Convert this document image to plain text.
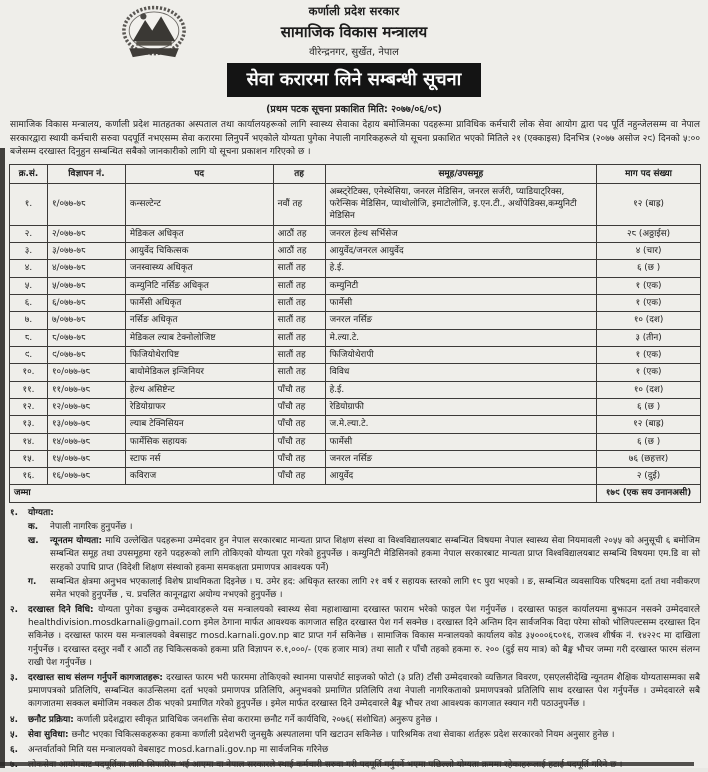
कर्णाली प्रदेश सरकार
सामाजिक विकास मन्त्रालय
वीरेन्द्रनगर, सुर्खेत, नेपाल
सेवा करारमा लिने सम्बन्धी सूचना
(प्रथम पटक सूचना प्रकाशित मिति: २०७७/०६/०८)

सामाजिक विकास मन्त्रालय, कर्णाली प्रदेश मातहतका अस्पताल तथा कार्यालयहरूको लागि स्वास्थ्य सेवाका देहाय बमोजिमका पदहरूमा प्राविधिक कर्मचारी लोक सेवा आयोग द्वारा पद पूर्ति नहुन्जेलसम्म वा नेपाल सरकारद्वारा स्थायी कर्मचारी सरुवा पदपूर्ति नभएसम्म सेवा करारमा लिनुपर्ने भएकोले योग्यता पुगेका नेपाली नागरिकहरूले यो सूचना प्रकाशित भएको मितिले २१ (एक्काइस) दिनभित्र (२०७७ असोज २९) दिनको ५:०० बजेसम्म दरखास्त दिनुहुन सम्बन्धित सबैको जानकारीको लागि यो सूचना प्रकाशन गरिएको छ ।

क्र.सं.	विज्ञापन नं.	पद	तह	समूह/उपसमूह	माग पद संख्या
१.	१/०७७-७८	कन्सल्टेन्ट	नवौं तह	अब्स्ट्रेटिक्स, एनेस्थेसिया, जनरल मेडिसिन, जनरल सर्जरी, प्याडियाट्रिक्स, फरेन्सिक मेडिसिन, प्याथोलोजि, इमाटोलोजि, इ.एन.टी., अर्थोपेडिक्स,कम्युनिटी मेडिसिन	१२ (बाह्र)
२.	२/०७७-७८	मेडिकल अधिकृत	आठौं तह	जनरल हेल्थ सर्भिसेज	२८ (अठ्ठाईस)
३.	३/०७७-७८	आयुर्वेद चिकित्सक	आठौं तह	आयुर्वेद/जनरल आयुर्वेद	४ (चार)
४.	४/०७७-७८	जनस्वास्थ्य अधिकृत	सातौं तह	हे.ई.	६ (छ )
५.	५/०७७-७८	कम्युनिटि नर्सिङ अधिकृत	सातौं तह	कम्युनिटी	१ (एक)
६.	६/०७७-७८	फार्मेसी अधिकृत	सातौं तह	फार्मेसी	१ (एक)
७.	७/०७७-७८	नर्सिङ अधिकृत	सातौं तह	जनरल नर्सिङ	१० (दश)
८.	८/०७७-७८	मेडिकल ल्याब टेक्नोलोजिष्ट	सातौं तह	मे.ल्या.टे.	३ (तीन)
९.	९/०७७-७८	फिजियोथेरापिष्ट	सातौं तह	फिजियोथेरापी	१ (एक)
१०.	१०/०७७-७८	बायोमेडिकल इन्जिनियर	सातौ तह	विविध	१ (एक)
११.	११/०७७-७८	हेल्थ असिष्टेन्ट	पाँचौ तह	हे.ई.	१० (दश)
१२.	१२/०७७-७८	रेडियोग्राफर	पाँचौ तह	रेडियोग्राफी	६ (छ )
१३.	१३/०७७-७८	ल्याब टेक्निसियन	पाँचौ तह	ज.मे.ल्या.टे.	१२ (बाह्र)
१४.	१४/०७७-७८	फार्मेसिक सहायक	पाँचौ तह	फार्मेसी	६ (छ )
१५.	१५/०७७-७८	स्टाफ नर्स	पाँचौ तह	जनरल नर्सिङ	७६ (छहत्तर)
१६.	१६/०७७-७८	कविराज	पाँचौ तह	आयुर्वेद	२ (दुई)
जम्मा					१७९ (एक सय उनानअसी)
१.	योग्यता:
क.	नेपाली नागरिक हुनुपर्नेछ ।
ख.	न्यूनतम योग्यता: माथि उल्लेखित पदहरूमा उम्मेदवार हुन नेपाल सरकारबाट मान्यता प्राप्त शिक्षण संस्था वा विश्वविद्यालयबाट सम्बन्धित विषयमा नेपाल स्वास्थ्य सेवा नियमावली २०५५ को अनुसूची ६ बमोजिम सम्बन्धित समूह तथा उपसमूहमा रहने पदहरूको लागि तोकिएको योग्यता पूरा गरेको हुनुपर्नेछ । कम्युनिटी मेडिसिनको हकमा नेपाल सरकारबाट मान्यता प्राप्त विश्वविद्यालयबाट सम्बन्धि विषयमा एम.डि वा सो सरहको उपाधि प्राप्त (विदेशी शिक्षण संस्थाको हकमा समकक्षता प्रमाणपत्र आवश्यक पर्ने)
ग.	सम्बन्धित क्षेत्रमा अनुभव भएकालाई विशेष प्राथमिकता दिइनेछ । घ. उमेर हद: अधिकृत स्तरका लागि २१ वर्ष र सहायक स्तरको लागि १८ पुरा भएको । ङ, सम्बन्धित व्यवसायिक परिषदमा दर्ता तथा नवीकरण समेत भएको हुनुपर्नेछ , च. प्रचलित कानूनद्वारा अयोग्य नभएको हुनुपर्नेछ ।
२.	दरखास्त दिने विधि: योग्यता पुगेका इच्छुक उम्मेदवारहरूले यस मन्त्रालयको स्वास्थ्य सेवा महाशाखामा दरखास्त फाराम भरेको फाइल पेश गर्नुपर्नेछ । दरखास्त फाइल कार्यालयमा बुझाउन नसक्ने उम्मेदवारले healthdivision.mosdkarnali@gmail.com इमेल ठेगाना मार्फत आवश्यक कागजात सहित दरखास्त पेश गर्न सक्नेछ । दरखास्त दिने अन्तिम दिन सार्वजनिक विदा परेमा सोको भोलिपल्टसम्म दरखास्त दिन सकिनेछ । दरखास्त फारम यस मन्त्रालयको वेबसाइट mosd.karnali.gov.np बाट प्राप्त गर्न सकिनेछ । सामाजिक विकास मन्त्रालयको कार्यालय कोड ३५०००६८०१६, राजश्व शीर्षक नं. १४२२९ मा दाखिला गर्नुपर्नेछ । दरखास्त दस्तुर नवौं र आठौं तह चिकित्सकको हकमा प्रति विज्ञापन रु.१,०००/- (एक हजार मात्र) तथा सातौ र पाँचौ तहको हकमा रु. २०० (दुई सय मात्र) को बैङ्क भौचर जम्मा गरी दरखास्त फारम संलग्न राखी पेश गर्नुपर्नेछ ।
३.	दरखास्त साथ संलग्न गर्नुपर्ने कागजातहरू: दरखास्त फारम भरी फारममा तोकिएको स्थानमा पासपोर्ट साइजको फोटो (३ प्रति) टाँसी उम्मेदवारको व्यक्तिगत विवरण, एसएलसीदेखि न्यूनतम शैक्षिक योग्यतासम्मका सबै प्रमाणपत्रको प्रतिलिपि, सम्बन्धित काउन्सिलमा दर्ता भएको प्रमाणपत्र प्रतिलिपि, अनुभवको प्रमाणित प्रतिलिपि तथा नेपाली नागरिकताको प्रमाणपत्रको प्रतिलिपि साथ दरखास्त पेश गर्नुपर्नेछ । उम्मेदवारले सबै कागजातमा सक्कल बमोजिम नक्कल ठीक भएको प्रमाणित गरेको हुनुपर्नेछ । इमेल मार्फत दरखास्त दिने उम्मेदवारले बैङ्क भौचर तथा आवश्यक कागजात स्क्यान गरी पठाउनुपर्नेछ ।
४.	छनौट प्रक्रिया: कर्णाली प्रदेशद्वारा स्वीकृत प्राविधिक जनशक्ति सेवा करारमा छनौट गर्ने कार्यविधि, २०७६( संशोधित) अनुरूप हुनेछ ।
५.	सेवा सुविधा: छनौट भएका चिकित्सकहरूका हकमा कर्णाली प्रदेशभरी जुनसुकै अस्पतालमा पनि खटाउन सकिनेछ । पारिश्रमिक तथा सेवाका शर्तहरू प्रदेश सरकारको नियम अनुसार हुनेछ ।
६.	अन्तर्वार्ताको मिति यस मन्त्रालयको वेबसाइट mosd.karnali.gov.np मा सार्वजनिक गरिनेछ
